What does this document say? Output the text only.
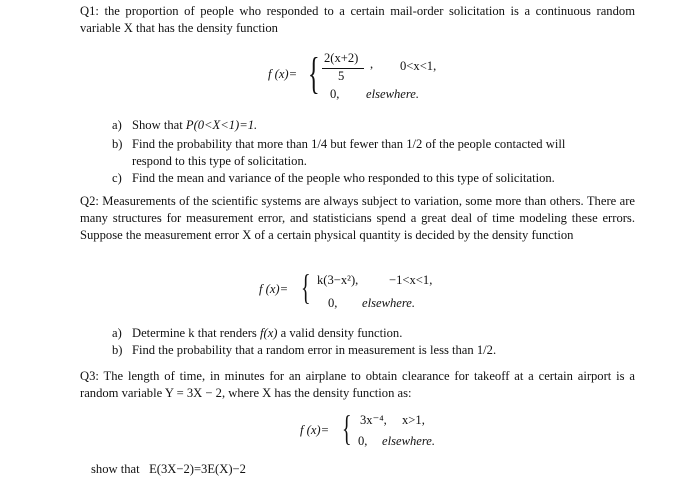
Q1: the proportion of people who responded to a certain mail-order solicitation is a continuous random variable X that has the density function
f (x)= { 2(x+2)
5
, 0<x<1,
0, elsewhere.
a) Show that P(0<X<1)=1.
b) Find the probability that more than 1/4 but fewer than 1/2 of the people contacted will respond to this type of solicitation.
c) Find the mean and variance of the people who responded to this type of solicitation.
Q2: Measurements of the scientific systems are always subject to variation, some more than others. There are many structures for measurement error, and statisticians spend a great deal of time modeling these errors. Suppose the measurement error X of a certain physical quantity is decided by the density function
f (x)= { k(3−x²), −1<x<1,
0, elsewhere.
a) Determine k that renders f(x) a valid density function.
b) Find the probability that a random error in measurement is less than 1/2.
Q3: The length of time, in minutes for an airplane to obtain clearance for takeoff at a certain airport is a random variable Y = 3X − 2, where X has the density function as:
f (x)= { 3x⁻⁴, x>1,
0, elsewhere.
show that E(3X−2)=3E(X)−2
